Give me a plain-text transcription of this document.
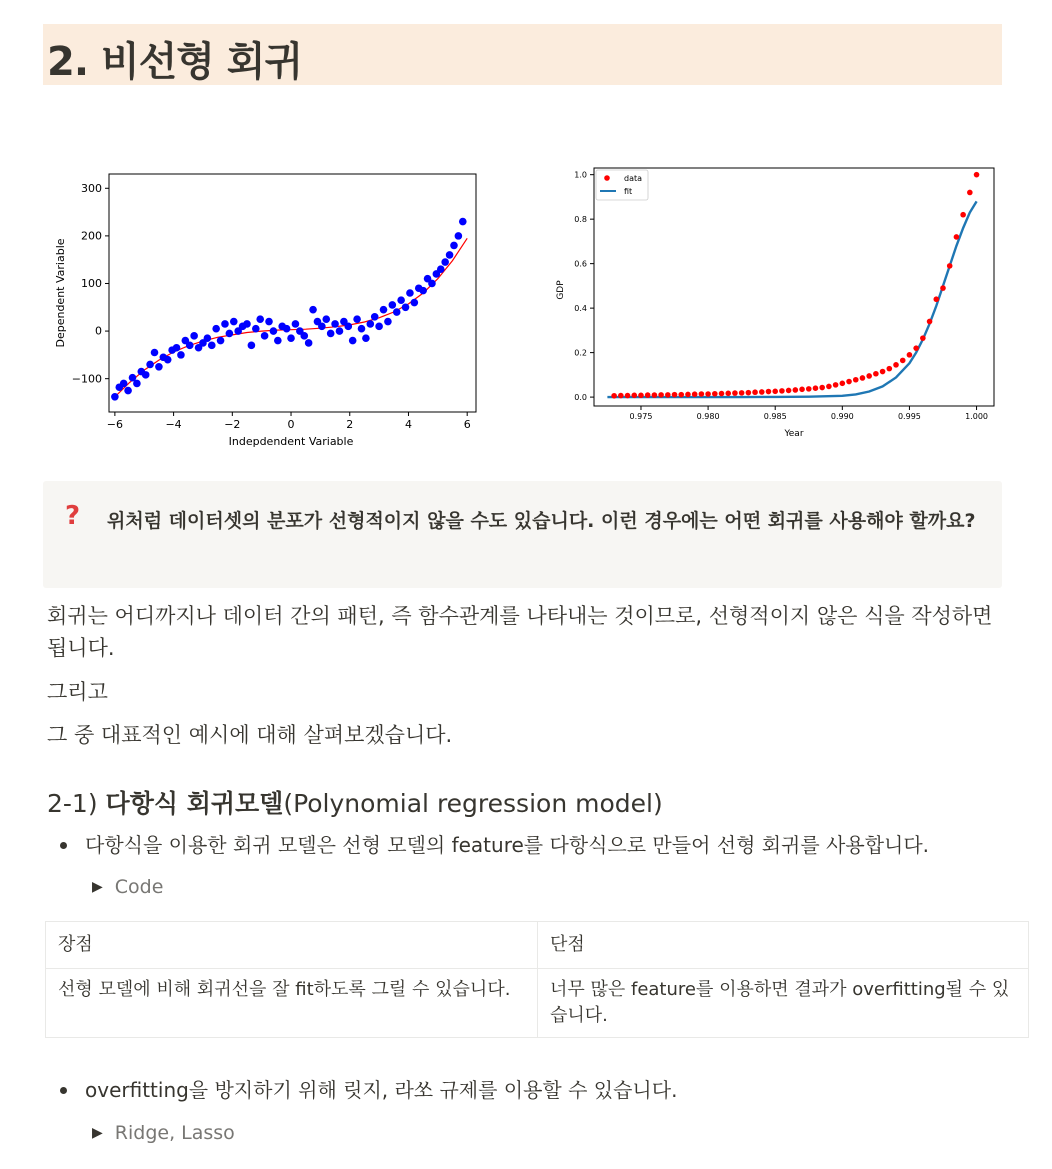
2. 비선형 회귀
−6	−4	−2	0	2	4	6
−100
0
100
200
300
Indepdendent Variable
Dependent Variable
0.975	0.980	0.985	0.990	0.995	1.000
0.0
0.2
0.4
0.6
0.8
1.0	data
fit
Year
GDP
? 위처럼 데이터셋의 분포가 선형적이지 않을 수도 있습니다. 이런 경우에는 어떤 회귀를 사용해야 할까요?
회귀는 어디까지나 데이터 간의 패턴, 즉 함수관계를 나타내는 것이므로, 선형적이지 않은 식을 작성하면 됩니다.
그리고
그 중 대표적인 예시에 대해 살펴보겠습니다.
2-1) 다항식 회귀모델(Polynomial regression model)
다항식을 이용한 회귀 모델은 선형 모델의 feature를 다항식으로 만들어 선형 회귀를 사용합니다.
▶ Code
장점	단점
선형 모델에 비해 회귀선을 잘 fit하도록 그릴 수 있습니다.	너무 많은 feature를 이용하면 결과가 overfitting될 수 있습니다.
overfitting을 방지하기 위해 릿지, 라쏘 규제를 이용할 수 있습니다.
▶ Ridge, Lasso
